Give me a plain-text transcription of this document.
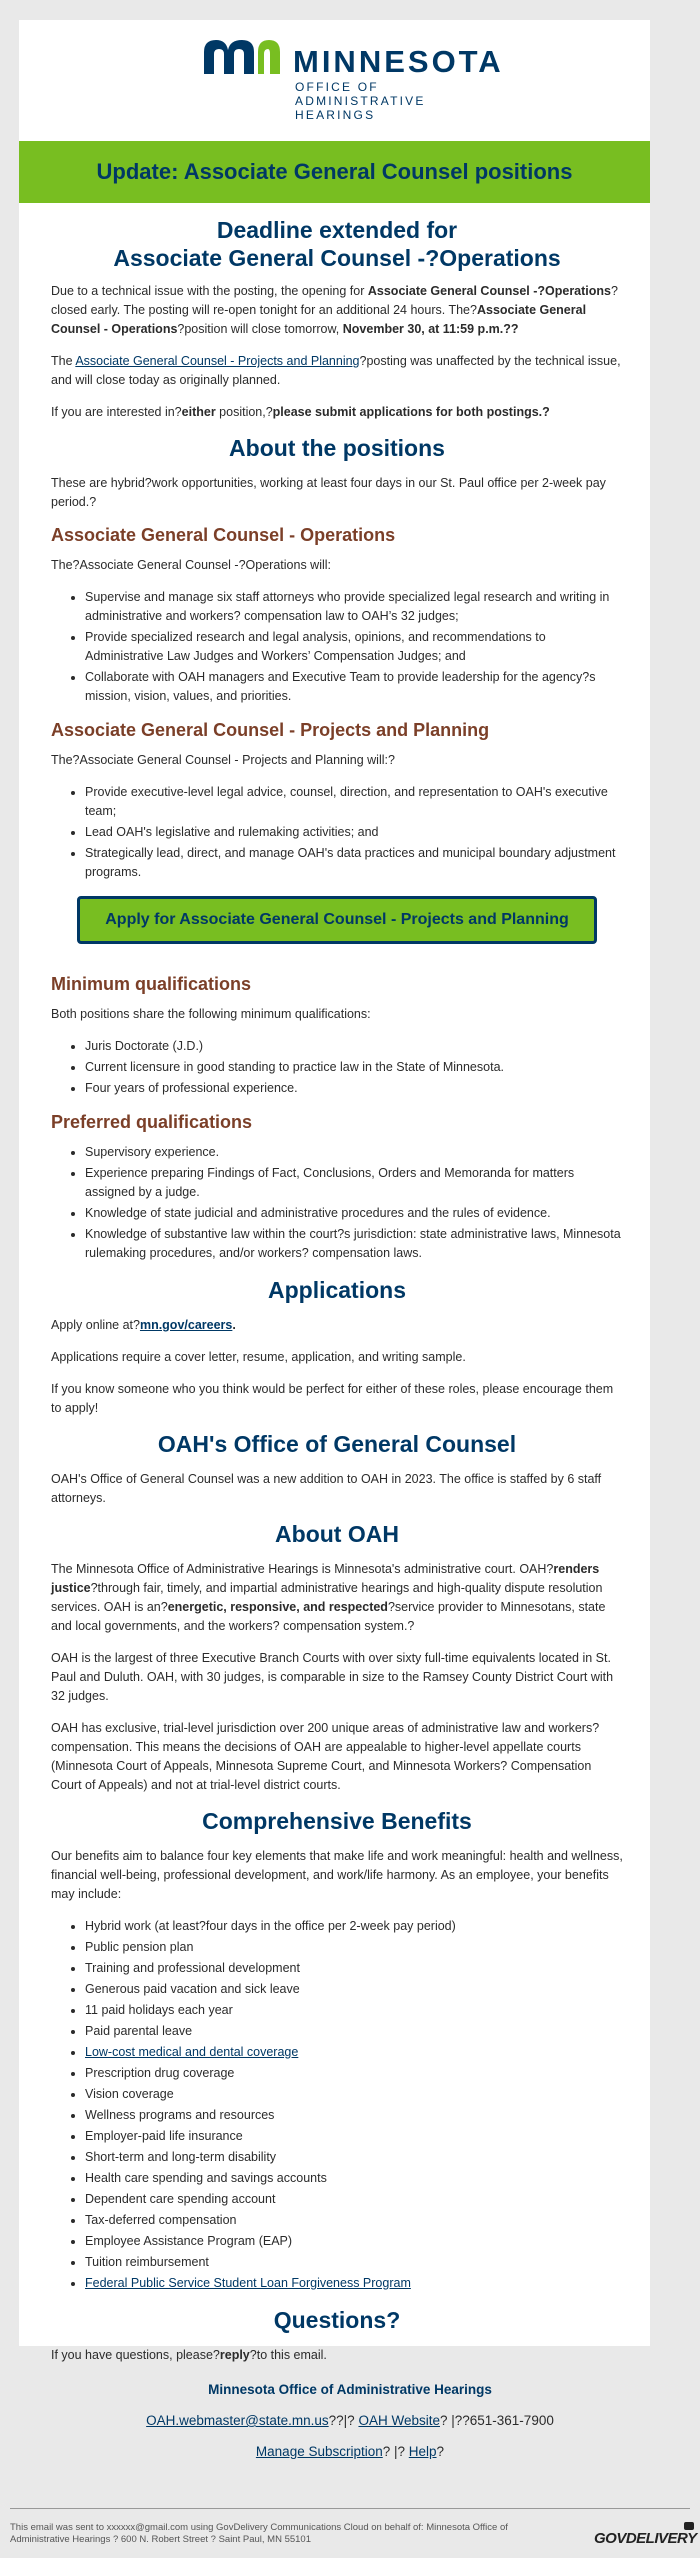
MINNESOTA
OFFICE OF
ADMINISTRATIVE
HEARINGS
Update: Associate General Counsel positions
Deadline extended for
Associate General Counsel -?Operations

Due to a technical issue with the posting, the opening for Associate General Counsel -?Operations? closed early. The posting will re-open tonight for an additional 24 hours. The?Associate General Counsel - Operations?position will close tomorrow, November 30, at 11:59 p.m.??

The Associate General Counsel - Projects and Planning?posting was unaffected by the technical issue, and will close today as originally planned.

If you are interested in?either position,?please submit applications for both postings.?

About the positions

These are hybrid?work opportunities, working at least four days in our St. Paul office per 2-week pay period.?

Associate General Counsel - Operations

The?Associate General Counsel -?Operations will:

• Supervise and manage six staff attorneys who provide specialized legal research and writing in administrative and workers? compensation law to OAH’s 32 judges;
• Provide specialized research and legal analysis, opinions, and recommendations to Administrative Law Judges and Workers’ Compensation Judges; and
• Collaborate with OAH managers and Executive Team to provide leadership for the agency?s mission, vision, values, and priorities.
Associate General Counsel - Projects and Planning

The?Associate General Counsel - Projects and Planning will:?

• Provide executive-level legal advice, counsel, direction, and representation to OAH's executive team;
• Lead OAH's legislative and rulemaking activities; and
• Strategically lead, direct, and manage OAH's data practices and municipal boundary adjustment programs.
Apply for Associate General Counsel - Projects and Planning
Minimum qualifications

Both positions share the following minimum qualifications:

• Juris Doctorate (J.D.)
• Current licensure in good standing to practice law in the State of Minnesota.
• Four years of professional experience.
Preferred qualifications
• Supervisory experience.
• Experience preparing Findings of Fact, Conclusions, Orders and Memoranda for matters assigned by a judge.
• Knowledge of state judicial and administrative procedures and the rules of evidence.
• Knowledge of substantive law within the court?s jurisdiction: state administrative laws, Minnesota rulemaking procedures, and/or workers? compensation laws.
Applications

Apply online at?mn.gov/careers.

Applications require a cover letter, resume, application, and writing sample.

If you know someone who you think would be perfect for either of these roles, please encourage them to apply!

OAH's Office of General Counsel

OAH's Office of General Counsel was a new addition to OAH in 2023. The office is staffed by 6 staff attorneys.

About OAH

The Minnesota Office of Administrative Hearings is Minnesota's administrative court. OAH?renders justice?through fair, timely, and impartial administrative hearings and high-quality dispute resolution services. OAH is an?energetic, responsive, and respected?service provider to Minnesotans, state and local governments, and the workers? compensation system.?

OAH is the largest of three Executive Branch Courts with over sixty full-time equivalents located in St. Paul and Duluth. OAH, with 30 judges, is comparable in size to the Ramsey County District Court with 32 judges.

OAH has exclusive, trial-level jurisdiction over 200 unique areas of administrative law and workers? compensation. This means the decisions of OAH are appealable to higher-level appellate courts (Minnesota Court of Appeals, Minnesota Supreme Court, and Minnesota Workers? Compensation Court of Appeals) and not at trial-level district courts.

Comprehensive Benefits

Our benefits aim to balance four key elements that make life and work meaningful: health and wellness, financial well-being, professional development, and work/life harmony. As an employee, your benefits may include:

• Hybrid work (at least?four days in the office per 2-week pay period)
• Public pension plan
• Training and professional development
• Generous paid vacation and sick leave
• 11 paid holidays each year
• Paid parental leave
• Low-cost medical and dental coverage
• Prescription drug coverage
• Vision coverage
• Wellness programs and resources
• Employer-paid life insurance
• Short-term and long-term disability
• Health care spending and savings accounts
• Dependent care spending account
• Tax-deferred compensation
• Employee Assistance Program (EAP)
• Tuition reimbursement
• Federal Public Service Student Loan Forgiveness Program
Questions?

If you have questions, please?reply?to this email.

Minnesota Office of Administrative Hearings
OAH.webmaster@state.mn.us??|? OAH Website? |??651-361-7900
Manage Subscription? |? Help?
This email was sent to xxxxxx@gmail.com using GovDelivery Communications Cloud on behalf of: Minnesota Office of Administrative Hearings ? 600 N. Robert Street ? Saint Paul, MN 55101	GOVDELIVERY
